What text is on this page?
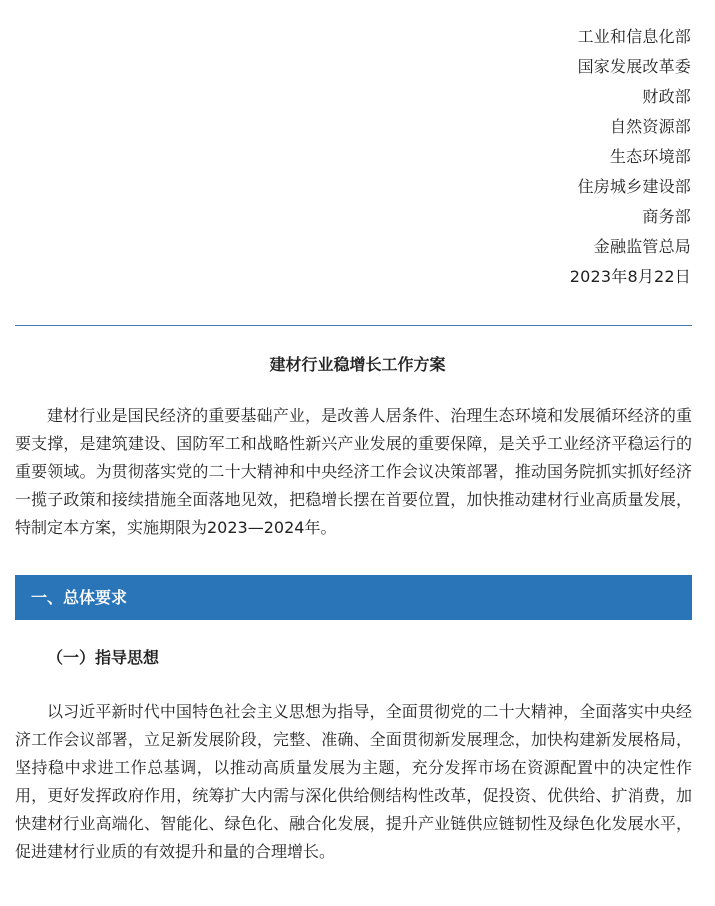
工业和信息化部
国家发展改革委
财政部
自然资源部
生态环境部
住房城乡建设部
商务部
金融监管总局
2023年8月22日
建材行业稳增长工作方案

建材行业是国民经济的重要基础产业，是改善人居条件、治理生态环境和发展循环经济的重要支撑，是建筑建设、国防军工和战略性新兴产业发展的重要保障，是关乎工业经济平稳运行的重要领域。为贯彻落实党的二十大精神和中央经济工作会议决策部署，推动国务院抓实抓好经济一揽子政策和接续措施全面落地见效，把稳增长摆在首要位置，加快推动建材行业高质量发展，特制定本方案，实施期限为2023—2024年。

一、总体要求
（一）指导思想

以习近平新时代中国特色社会主义思想为指导，全面贯彻党的二十大精神，全面落实中央经济工作会议部署，立足新发展阶段，完整、准确、全面贯彻新发展理念，加快构建新发展格局，坚持稳中求进工作总基调，以推动高质量发展为主题，充分发挥市场在资源配置中的决定性作用，更好发挥政府作用，统筹扩大内需与深化供给侧结构性改革，促投资、优供给、扩消费，加快建材行业高端化、智能化、绿色化、融合化发展，提升产业链供应链韧性及绿色化发展水平，促进建材行业质的有效提升和量的合理增长。
